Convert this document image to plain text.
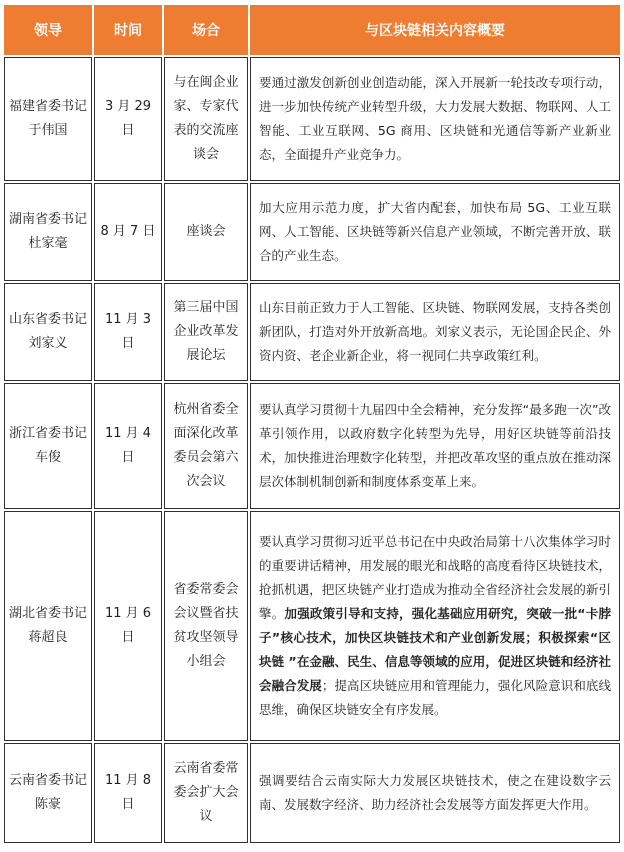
领导	时间	场合	与区块链相关内容概要

福建省委书记
于伟国	3 月 29 日	与在闽企业家、专家代表的交流座谈会	要通过激发创新创业创造动能，深入开展新一轮技改专项行动，进一步加快传统产业转型升级，大力发展大数据、物联网、人工智能、工业互联网、5G 商用、区块链和光通信等新产业新业态，全面提升产业竞争力。

湖南省委书记
杜家毫	8 月 7 日	座谈会	加大应用示范力度，扩大省内配套，加快布局 5G、工业互联网、人工智能、区块链等新兴信息产业领域，不断完善开放、联合的产业生态。

山东省委书记
刘家义	11 月 3 日	第三届中国企业改革发展论坛	山东目前正致力于人工智能、区块链、物联网发展，支持各类创新团队，打造对外开放新高地。刘家义表示，无论国企民企、外资内资、老企业新企业，将一视同仁共享政策红利。

浙江省委书记
车俊	11 月 4 日	杭州省委全面深化改革委员会第六次会议	要认真学习贯彻十九届四中全会精神，充分发挥“最多跑一次”改革引领作用，以政府数字化转型为先导，用好区块链等前沿技术，加快推进治理数字化转型，并把改革攻坚的重点放在推动深层次体制机制创新和制度体系变革上来。

湖北省委书记
蒋超良	11 月 6 日	省委常委会会议暨省扶贫攻坚领导小组会	要认真学习贯彻习近平总书记在中央政治局第十八次集体学习时的重要讲话精神，用发展的眼光和战略的高度看待区块链技术，抢抓机遇，把区块链产业打造成为推动全省经济社会发展的新引擎。加强政策引导和支持，强化基础应用研究，突破一批“卡脖子”核心技术，加快区块链技术和产业创新发展；积极探索“区块链 ”在金融、民生、信息等领域的应用，促进区块链和经济社会融合发展；提高区块链应用和管理能力，强化风险意识和底线思维，确保区块链安全有序发展。

云南省委书记
陈豪	11 月 8 日	云南省委常委会扩大会议	强调要结合云南实际大力发展区块链技术，使之在建设数字云南、发展数字经济、助力经济社会发展等方面发挥更大作用。
